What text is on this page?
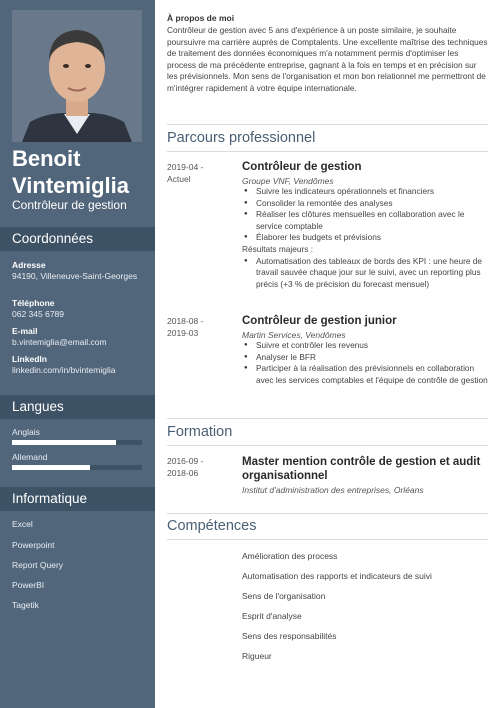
Benoit
Vintemiglia
Contrôleur de gestion
Coordonnées
Adresse
94190, Villeneuve-Saint-Georges
Téléphone
062 345 6789
E-mail
b.vintemiglia@email.com
LinkedIn
linkedin.com/in/bvintemiglia
Langues
Anglais
Allemand
Informatique
Excel
Powerpoint
Report Query
PowerBI
Tagetik
À propos de moi
Contrôleur de gestion avec 5 ans d'expérience à un poste similaire, je souhaite poursuivre ma carrière auprès de Comptalents. Une excellente maîtrise des techniques de traitement des données économiques m'a notamment permis d'optimiser les process de ma précédente entreprise, gagnant à la fois en temps et en précision sur les prévisionnels. Mon sens de l'organisation et mon bon relationnel me permettront de m'intégrer rapidement à votre équipe internationale.
Parcours professionnel
2019-04 -
Actuel
Contrôleur de gestion
Groupe VNF, Vendômes
● Suivre les indicateurs opérationnels et financiers
● Consolider la remontée des analyses
● Réaliser les clôtures mensuelles en collaboration avec le service comptable
● Élaborer les budgets et prévisions
Résultats majeurs :
● Automatisation des tableaux de bords des KPI : une heure de travail sauvée chaque jour sur le suivi, avec un reporting plus précis (+3 % de précision du forecast mensuel)
2018-08 -
2019-03
Contrôleur de gestion junior
Martin Services, Vendômes
● Suivre et contrôler les revenus
● Analyser le BFR
● Participer à la réalisation des prévisionnels en collaboration avec les services comptables et l'équipe de contrôle de gestion
Formation
2016-09 -
2018-06
Master mention contrôle de gestion et audit organisationnel
Institut d'administration des entreprises, Orléans
Compétences
Amélioration des process
Automatisation des rapports et indicateurs de suivi
Sens de l'organisation
Esprit d'analyse
Sens des responsabilités
Rigueur
